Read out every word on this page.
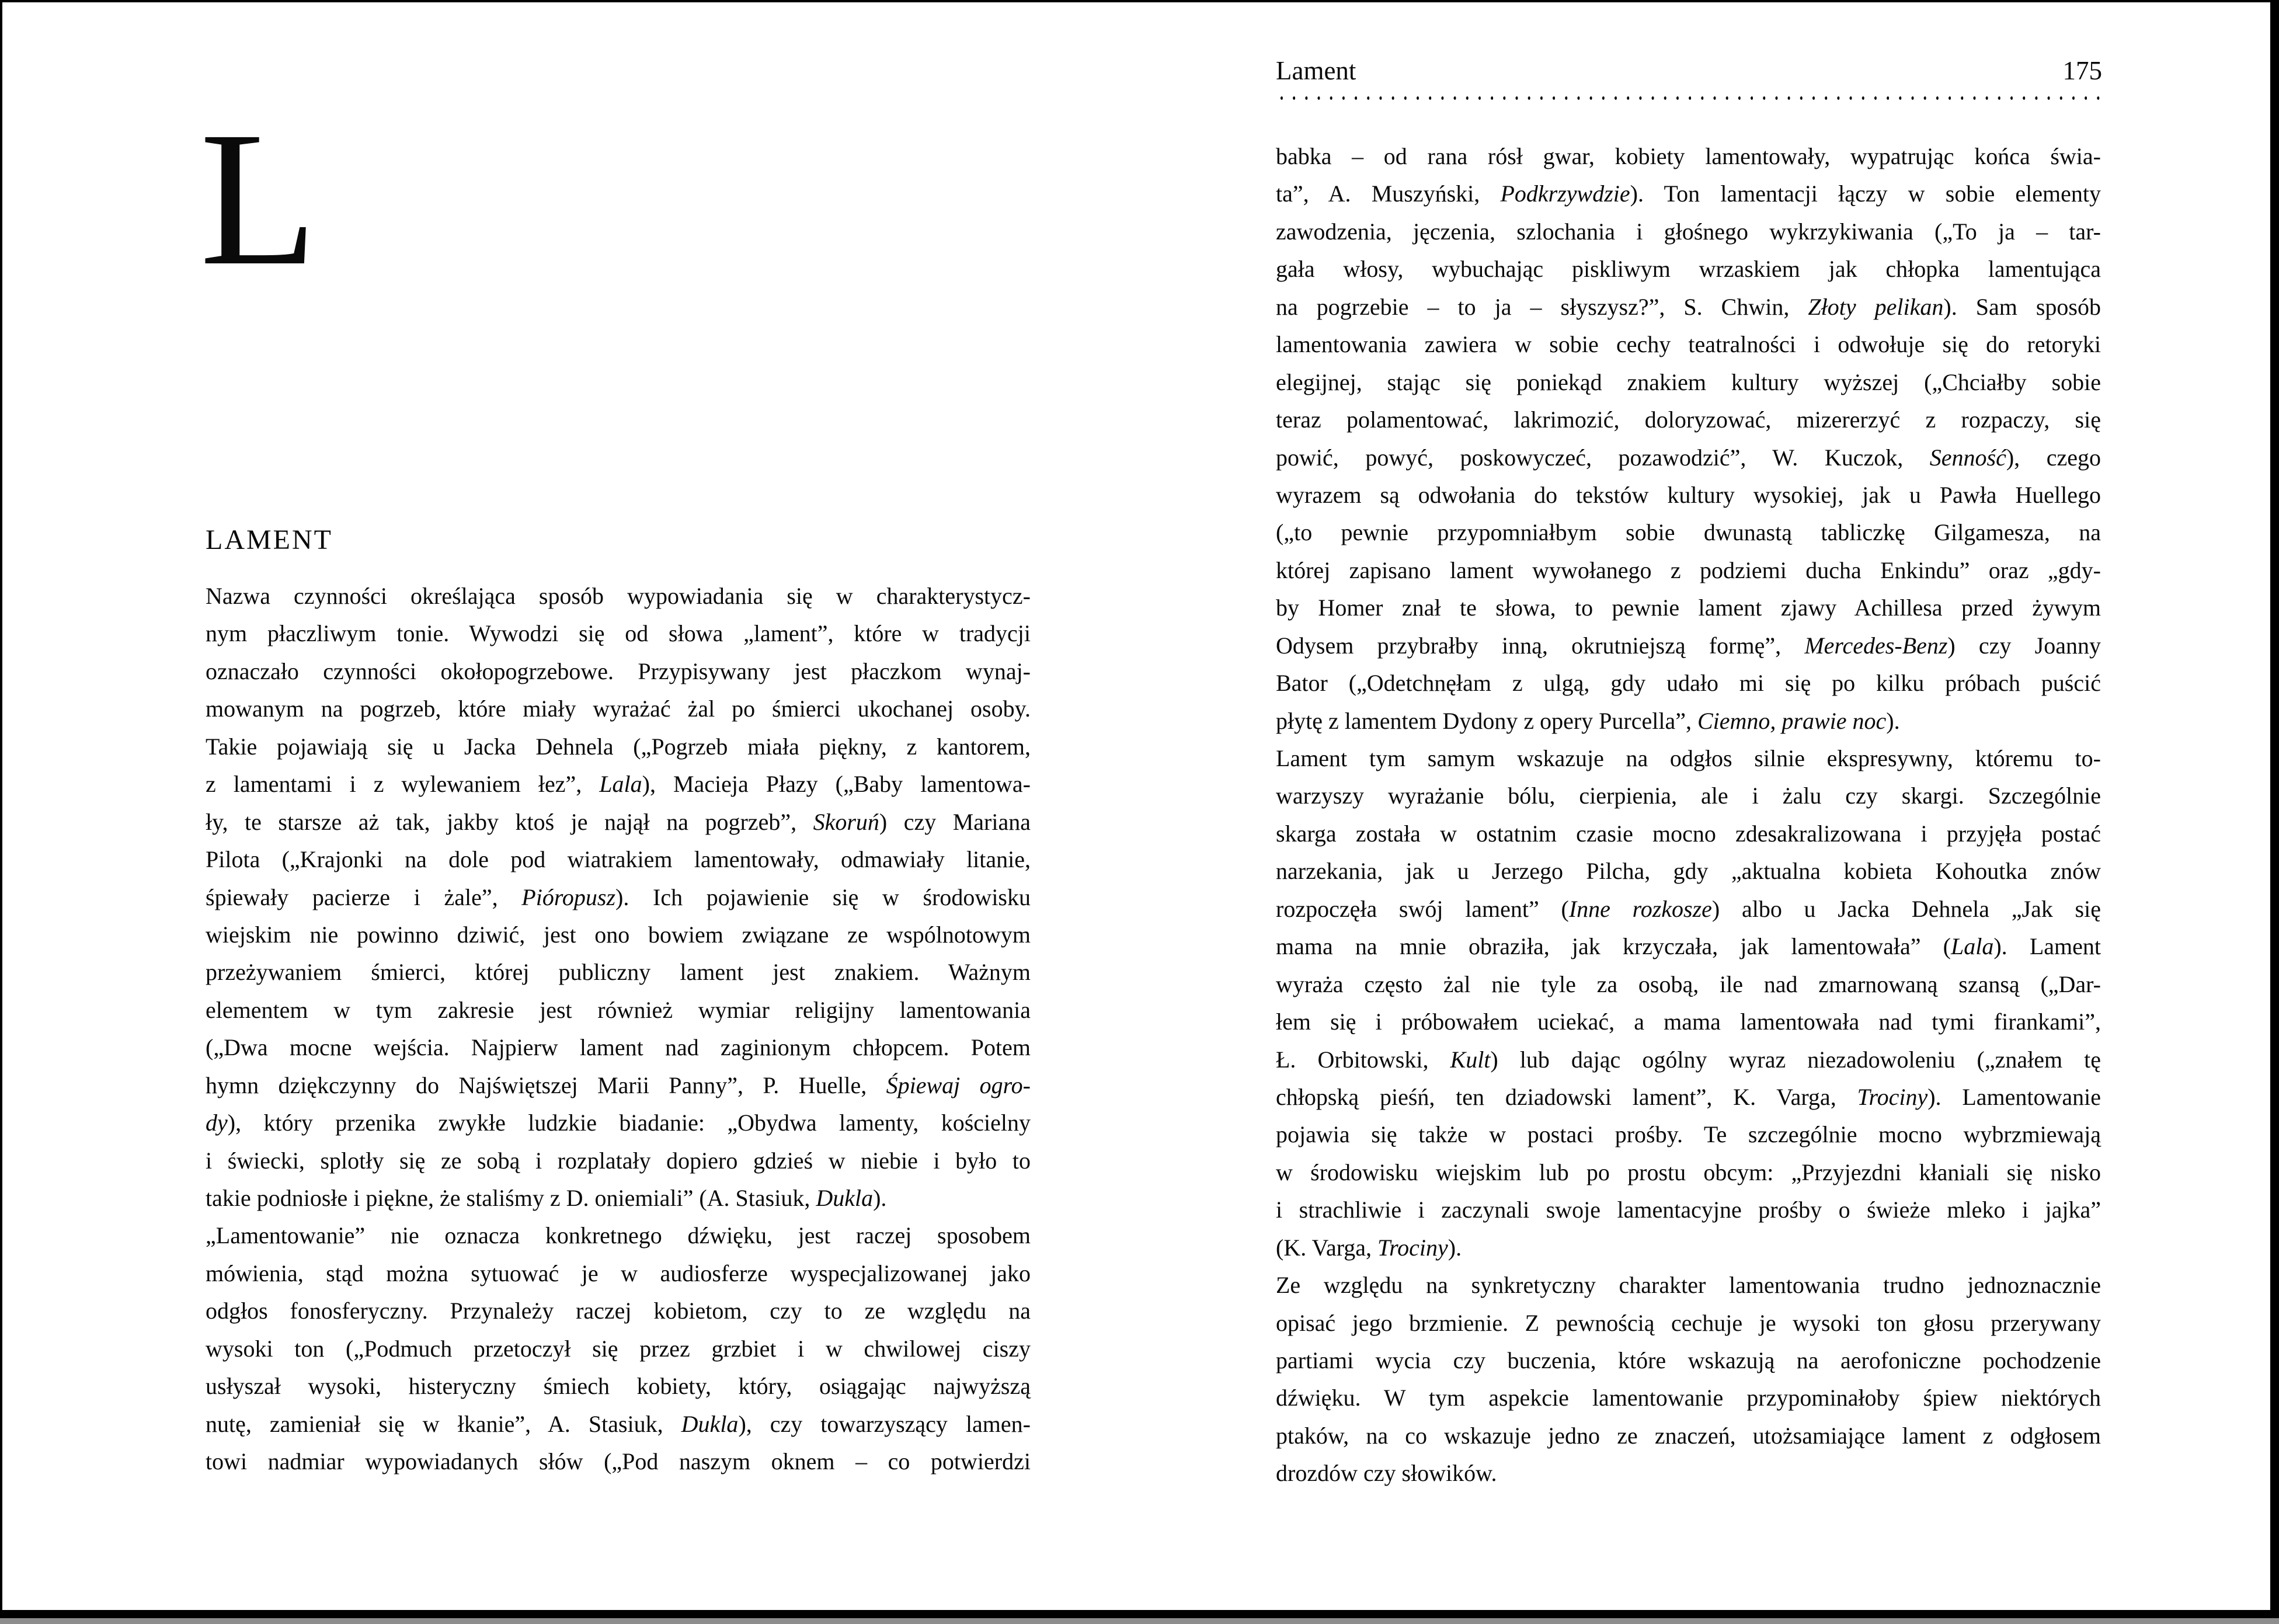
L
LAMENT
Nazwa czynności określająca sposób wypowiadania się w charakterystycz-
nym płaczliwym tonie. Wywodzi się od słowa „lament”, które w tradycji
oznaczało czynności okołopogrzebowe. Przypisywany jest płaczkom wynaj-
mowanym na pogrzeb, które miały wyrażać żal po śmierci ukochanej osoby.
Takie pojawiają się u Jacka Dehnela („Pogrzeb miała piękny, z kantorem,
z lamentami i z wylewaniem łez”, Lala), Macieja Płazy („Baby lamentowa-
ły, te starsze aż tak, jakby ktoś je najął na pogrzeb”, Skoruń) czy Mariana
Pilota („Krajonki na dole pod wiatrakiem lamentowały, odmawiały litanie,
śpiewały pacierze i żale”, Pióropusz). Ich pojawienie się w środowisku
wiejskim nie powinno dziwić, jest ono bowiem związane ze wspólnotowym
przeżywaniem śmierci, której publiczny lament jest znakiem. Ważnym
elementem w tym zakresie jest również wymiar religijny lamentowania
(„Dwa mocne wejścia. Najpierw lament nad zaginionym chłopcem. Potem
hymn dziękczynny do Najświętszej Marii Panny”, P. Huelle, Śpiewaj ogro-
dy), który przenika zwykłe ludzkie biadanie: „Obydwa lamenty, kościelny
i świecki, splotły się ze sobą i rozplatały dopiero gdzieś w niebie i było to
takie podniosłe i piękne, że staliśmy z D. oniemiali” (A. Stasiuk, Dukla).
„Lamentowanie” nie oznacza konkretnego dźwięku, jest raczej sposobem
mówienia, stąd można sytuować je w audiosferze wyspecjalizowanej jako
odgłos fonosferyczny. Przynależy raczej kobietom, czy to ze względu na
wysoki ton („Podmuch przetoczył się przez grzbiet i w chwilowej ciszy
usłyszał wysoki, histeryczny śmiech kobiety, który, osiągając najwyższą
nutę, zamieniał się w łkanie”, A. Stasiuk, Dukla), czy towarzyszący lamen-
towi nadmiar wypowiadanych słów („Pod naszym oknem – co potwierdzi
Lament	175
babka – od rana rósł gwar, kobiety lamentowały, wypatrując końca świa-
ta”, A. Muszyński, Podkrzywdzie). Ton lamentacji łączy w sobie elementy
zawodzenia, jęczenia, szlochania i głośnego wykrzykiwania („To ja – tar-
gała włosy, wybuchając piskliwym wrzaskiem jak chłopka lamentująca
na pogrzebie – to ja – słyszysz?”, S. Chwin, Złoty pelikan). Sam sposób
lamentowania zawiera w sobie cechy teatralności i odwołuje się do retoryki
elegijnej, stając się poniekąd znakiem kultury wyższej („Chciałby sobie
teraz polamentować, lakrimozić, doloryzować, mizererzyć z rozpaczy, się
powić, powyć, poskowyczeć, pozawodzić”, W. Kuczok, Senność), czego
wyrazem są odwołania do tekstów kultury wysokiej, jak u Pawła Huellego
(„to pewnie przypomniałbym sobie dwunastą tabliczkę Gilgamesza, na
której zapisano lament wywołanego z podziemi ducha Enkindu” oraz „gdy-
by Homer znał te słowa, to pewnie lament zjawy Achillesa przed żywym
Odysem przybrałby inną, okrutniejszą formę”, Mercedes-Benz) czy Joanny
Bator („Odetchnęłam z ulgą, gdy udało mi się po kilku próbach puścić
płytę z lamentem Dydony z opery Purcella”, Ciemno, prawie noc).
Lament tym samym wskazuje na odgłos silnie ekspresywny, któremu to-
warzyszy wyrażanie bólu, cierpienia, ale i żalu czy skargi. Szczególnie
skarga została w ostatnim czasie mocno zdesakralizowana i przyjęła postać
narzekania, jak u Jerzego Pilcha, gdy „aktualna kobieta Kohoutka znów
rozpoczęła swój lament” (Inne rozkosze) albo u Jacka Dehnela „Jak się
mama na mnie obraziła, jak krzyczała, jak lamentowała” (Lala). Lament
wyraża często żal nie tyle za osobą, ile nad zmarnowaną szansą („Dar-
łem się i próbowałem uciekać, a mama lamentowała nad tymi firankami”,
Ł. Orbitowski, Kult) lub dając ogólny wyraz niezadowoleniu („znałem tę
chłopską pieśń, ten dziadowski lament”, K. Varga, Trociny). Lamentowanie
pojawia się także w postaci prośby. Te szczególnie mocno wybrzmiewają
w środowisku wiejskim lub po prostu obcym: „Przyjezdni kłaniali się nisko
i strachliwie i zaczynali swoje lamentacyjne prośby o świeże mleko i jajka”
(K. Varga, Trociny).
Ze względu na synkretyczny charakter lamentowania trudno jednoznacznie
opisać jego brzmienie. Z pewnością cechuje je wysoki ton głosu przerywany
partiami wycia czy buczenia, które wskazują na aerofoniczne pochodzenie
dźwięku. W tym aspekcie lamentowanie przypominałoby śpiew niektórych
ptaków, na co wskazuje jedno ze znaczeń, utożsamiające lament z odgłosem
drozdów czy słowików.
